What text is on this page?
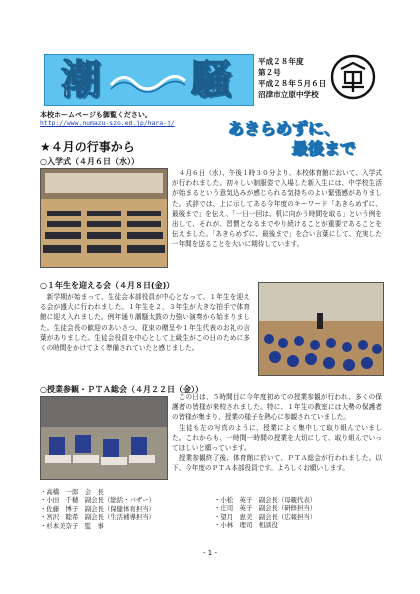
潮 騒	平成２８年度
第２号
平成２８年５月６日
沼津市立原中学校
本校ホームページも御覧ください。
http://www.numazu-szo.ed.jp/hara-j/	あきらめずに、
最後まで
★４月の行事から
○入学式（４月６日（水））
　４月６日（水）、午後１時３０分より、本校体育館において、入学式が行われました。初々しい制服姿で入場した新入生には、中学校生活が始まるという意気込みが感じられる気持ちのよい緊張感がありました。式辞では、上に示してある今年度のキーワード「あきらめずに、最後まで」を伝え、「一日一回は、机に向かう時間を取る」という例を出して、それが、習慣となるまでやり続けることが重要であることを伝えました。「あきらめずに、最後まで」を合い言葉にして、充実した一年間を送ることを大いに期待しています。
○１年生を迎える会（４月８日(金)）
　新学期が始まって、生徒会本部役員が中心となって、１年生を迎える会が盛大に行われました。１年生を２，３年生が大きな拍手で体育館に迎え入れました。例年通り潮騒太鼓の力強い演奏から始まりました。生徒会長の歓迎のあいさつ、花束の贈呈や１年生代表のお礼の言葉がありました。生徒会役員を中心として上級生がこの日のために多くの時間をかけてよく準備されていたと感じました。
○授業参観・ＰＴＡ総会（４月２２日（金））
　この日は、５時間目に今年度初めての授業参観が行われ、多くの保護者の皆様が来校されました。特に、１年生の教室には大勢の保護者の皆様が集まり、授業の様子を熱心に参観されていました。
　生徒も左の写真のように、授業によく集中して取り組んでいました。これからも、一時間一時間の授業を大切にして、取り組んでいってほしいと願っています。
　授業参観終了後、体育館に於いて、ＰＴＡ総会が行われました。以下、今年度のＰＴＡ本部役員です。よろしくお願いします。
・高橋　一郎　会　長
・小田　千穂　副会長（総括・バザー）
・佐藤　博子　副会長（保健体育担当）
・宮沢　睦希　副会長（生活補導担当）
・杉本美奈子　監　事
・小松　英子　副会長（母親代表）
・庄司　英子　副会長（研修担当）
・望月　恵美　副会長（広報担当）
・小林　理司　相談役
- 1 -
